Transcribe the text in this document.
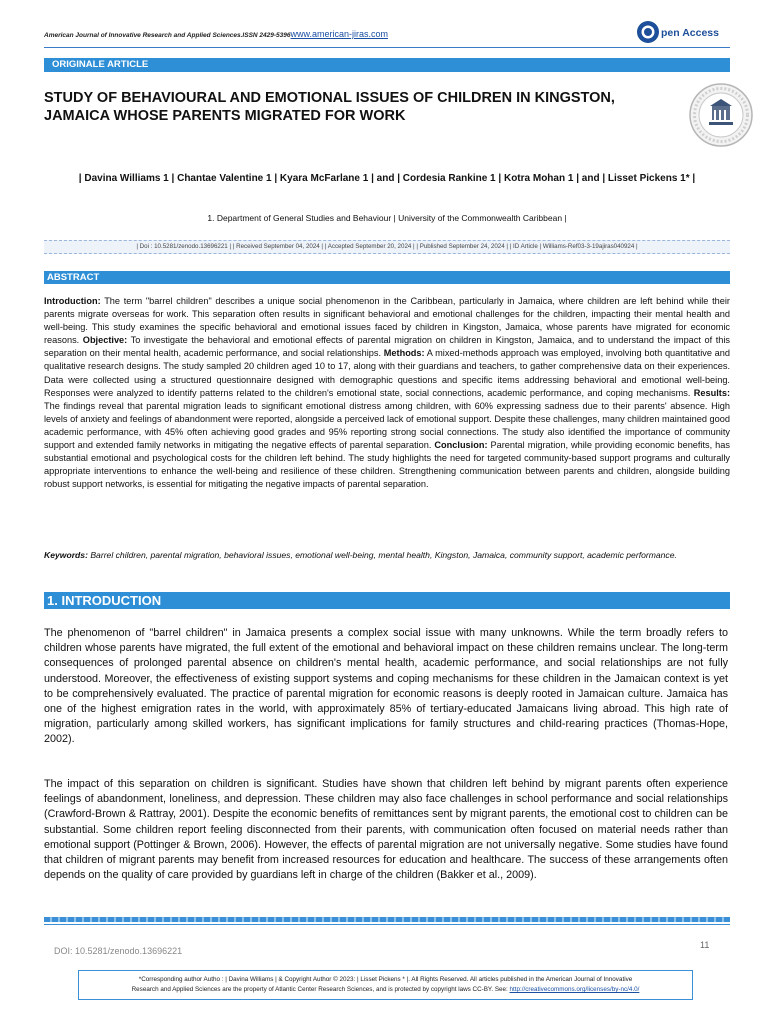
American Journal of Innovative Research and Applied Sciences.ISSN 2429-5396www.american-jiras.com	pen Access
ORIGINALE ARTICLE
STUDY OF BEHAVIOURAL AND EMOTIONAL ISSUES OF CHILDREN IN KINGSTON, JAMAICA WHOSE PARENTS MIGRATED FOR WORK
| Davina Williams 1 | Chantae Valentine 1 | Kyara McFarlane 1 | and | Cordesia Rankine 1 | Kotra Mohan 1 | and | Lisset Pickens 1* |
1. Department of General Studies and Behaviour | University of the Commonwealth Caribbean |
| Doi : 10.5281/zenodo.13696221 | | Received September 04, 2024 | | Accepted September 20, 2024 | | Published September 24, 2024 | | ID Article | Williams-Ref03-3-19ajiras040924 |
ABSTRACT
Introduction: The term "barrel children" describes a unique social phenomenon in the Caribbean, particularly in Jamaica, where children are left behind while their parents migrate overseas for work. This separation often results in significant behavioral and emotional challenges for the children, impacting their mental health and well-being. This study examines the specific behavioral and emotional issues faced by children in Kingston, Jamaica, whose parents have migrated for economic reasons. Objective: To investigate the behavioral and emotional effects of parental migration on children in Kingston, Jamaica, and to understand the impact of this separation on their mental health, academic performance, and social relationships. Methods: A mixed-methods approach was employed, involving both quantitative and qualitative research designs. The study sampled 20 children aged 10 to 17, along with their guardians and teachers, to gather comprehensive data on their experiences. Data were collected using a structured questionnaire designed with demographic questions and specific items addressing behavioral and emotional well-being. Responses were analyzed to identify patterns related to the children's emotional state, social connections, academic performance, and coping mechanisms. Results: The findings reveal that parental migration leads to significant emotional distress among children, with 60% expressing sadness due to their parents' absence. High levels of anxiety and feelings of abandonment were reported, alongside a perceived lack of emotional support. Despite these challenges, many children maintained good academic performance, with 45% often achieving good grades and 95% reporting strong social connections. The study also identified the importance of community support and extended family networks in mitigating the negative effects of parental separation. Conclusion: Parental migration, while providing economic benefits, has substantial emotional and psychological costs for the children left behind. The study highlights the need for targeted community-based support programs and culturally appropriate interventions to enhance the well-being and resilience of these children. Strengthening communication between parents and children, alongside building robust support networks, is essential for mitigating the negative impacts of parental separation.
Keywords: Barrel children, parental migration, behavioral issues, emotional well-being, mental health, Kingston, Jamaica, community support, academic performance.
1. INTRODUCTION
The phenomenon of "barrel children" in Jamaica presents a complex social issue with many unknowns. While the term broadly refers to children whose parents have migrated, the full extent of the emotional and behavioral impact on these children remains unclear. The long-term consequences of prolonged parental absence on children's mental health, academic performance, and social relationships are not fully understood. Moreover, the effectiveness of existing support systems and coping mechanisms for these children in the Jamaican context is yet to be comprehensively evaluated. The practice of parental migration for economic reasons is deeply rooted in Jamaican culture. Jamaica has one of the highest emigration rates in the world, with approximately 85% of tertiary-educated Jamaicans living abroad. This high rate of migration, particularly among skilled workers, has significant implications for family structures and child-rearing practices (Thomas-Hope, 2002).
The impact of this separation on children is significant. Studies have shown that children left behind by migrant parents often experience feelings of abandonment, loneliness, and depression. These children may also face challenges in school performance and social relationships (Crawford-Brown & Rattray, 2001). Despite the economic benefits of remittances sent by migrant parents, the emotional cost to children can be substantial. Some children report feeling disconnected from their parents, with communication often focused on material needs rather than emotional support (Pottinger & Brown, 2006). However, the effects of parental migration are not universally negative. Some studies have found that children of migrant parents may benefit from increased resources for education and healthcare. The success of these arrangements often depends on the quality of care provided by guardians left in charge of the children (Bakker et al., 2009).
11
DOI: 10.5281/zenodo.13696221
*Corresponding author Autho : | Davina Williams | & Copyright Author © 2023: | Lisset Pickens * |. All Rights Reserved. All articles published in the American Journal of Innovative
Research and Applied Sciences are the property of Atlantic Center Research Sciences, and is protected by copyright laws CC-BY. See: http://creativecommons.org/licenses/by-nc/4.0/
